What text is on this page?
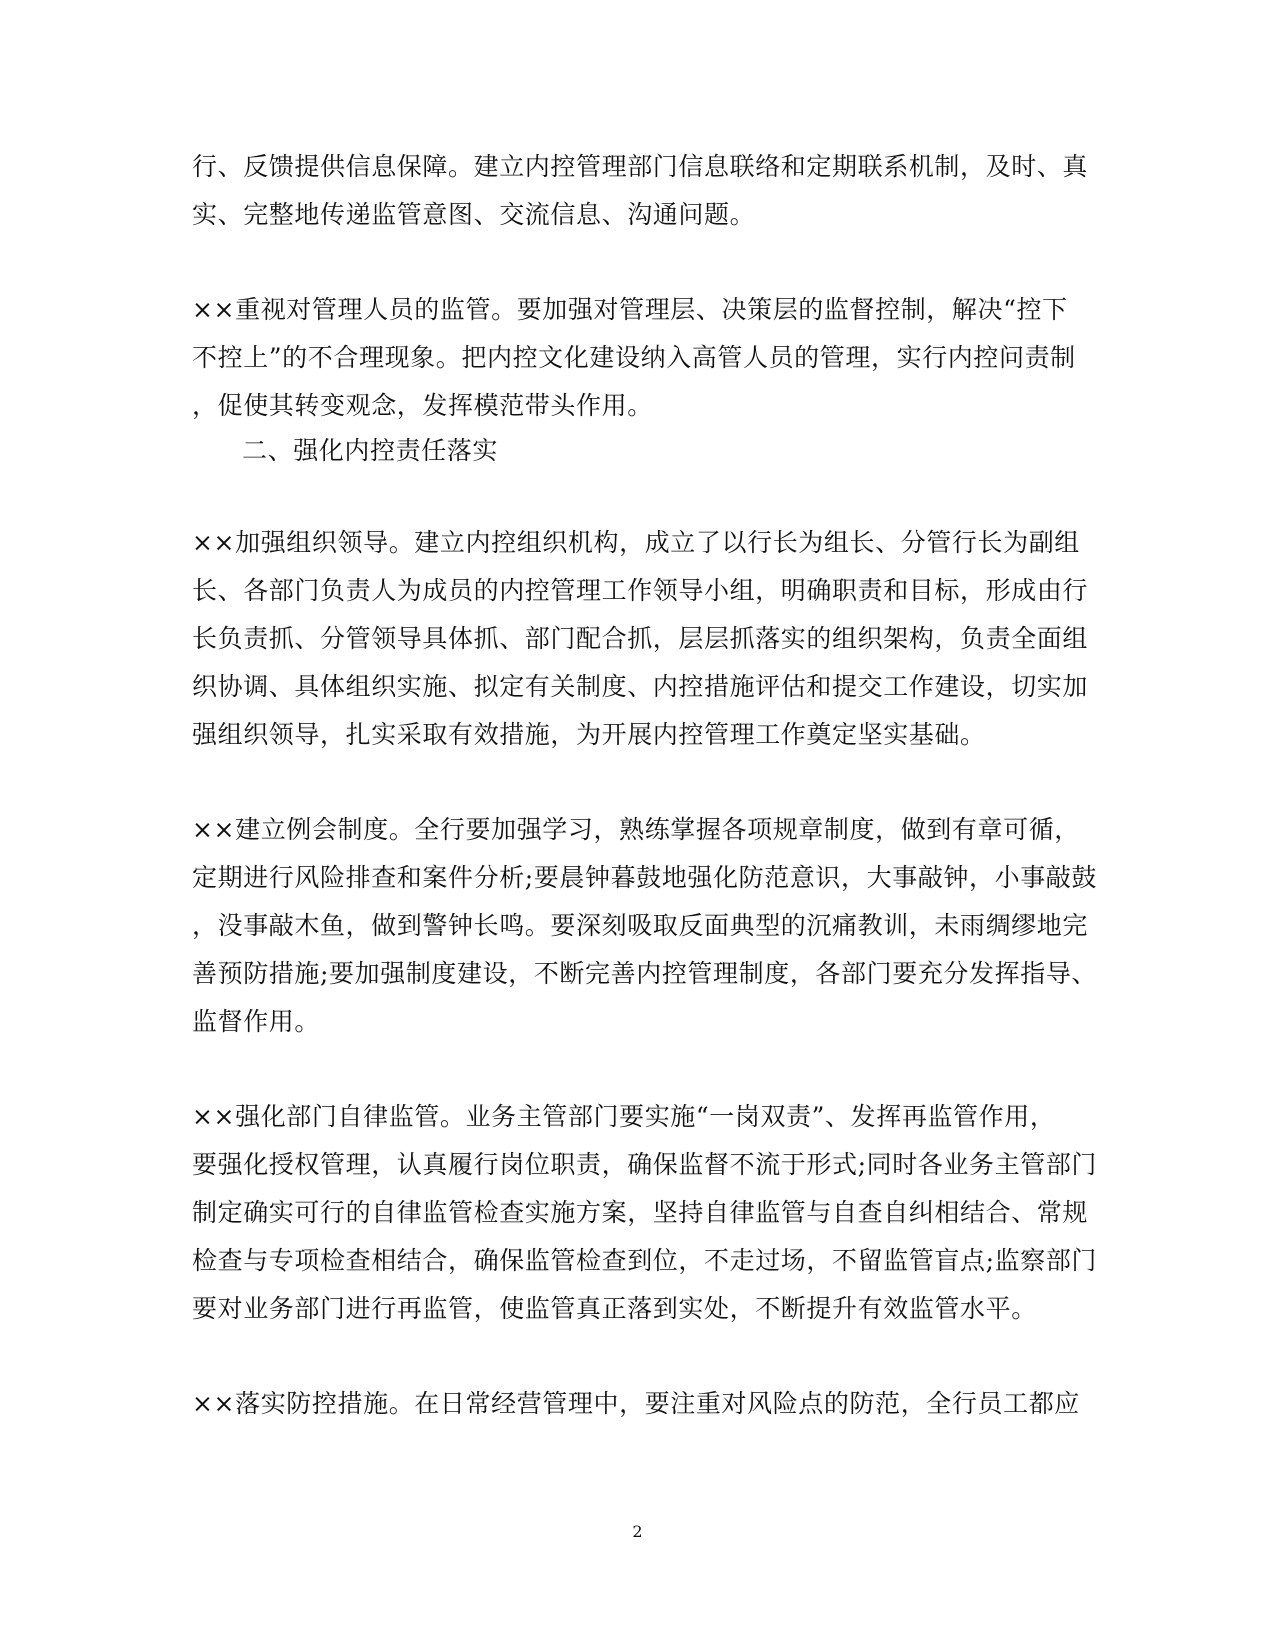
行、反馈提供信息保障。建立内控管理部门信息联络和定期联系机制，及时、真
实、完整地传递监管意图、交流信息、沟通问题。
××重视对管理人员的监管。要加强对管理层、决策层的监督控制，解决“控下
不控上”的不合理现象。把内控文化建设纳入高管人员的管理，实行内控问责制
，促使其转变观念，发挥模范带头作用。
二、强化内控责任落实
××加强组织领导。建立内控组织机构，成立了以行长为组长、分管行长为副组
长、各部门负责人为成员的内控管理工作领导小组，明确职责和目标，形成由行
长负责抓、分管领导具体抓、部门配合抓，层层抓落实的组织架构，负责全面组
织协调、具体组织实施、拟定有关制度、内控措施评估和提交工作建设，切实加
强组织领导，扎实采取有效措施，为开展内控管理工作奠定坚实基础。
××建立例会制度。全行要加强学习，熟练掌握各项规章制度，做到有章可循，
定期进行风险排查和案件分析;要晨钟暮鼓地强化防范意识，大事敲钟，小事敲鼓
，没事敲木鱼，做到警钟长鸣。要深刻吸取反面典型的沉痛教训，未雨绸缪地完
善预防措施;要加强制度建设，不断完善内控管理制度，各部门要充分发挥指导、
监督作用。
××强化部门自律监管。业务主管部门要实施“一岗双责”、发挥再监管作用，
要强化授权管理，认真履行岗位职责，确保监督不流于形式;同时各业务主管部门
制定确实可行的自律监管检查实施方案，坚持自律监管与自查自纠相结合、常规
检查与专项检查相结合，确保监管检查到位，不走过场，不留监管盲点;监察部门
要对业务部门进行再监管，使监管真正落到实处，不断提升有效监管水平。
××落实防控措施。在日常经营管理中，要注重对风险点的防范，全行员工都应
2
